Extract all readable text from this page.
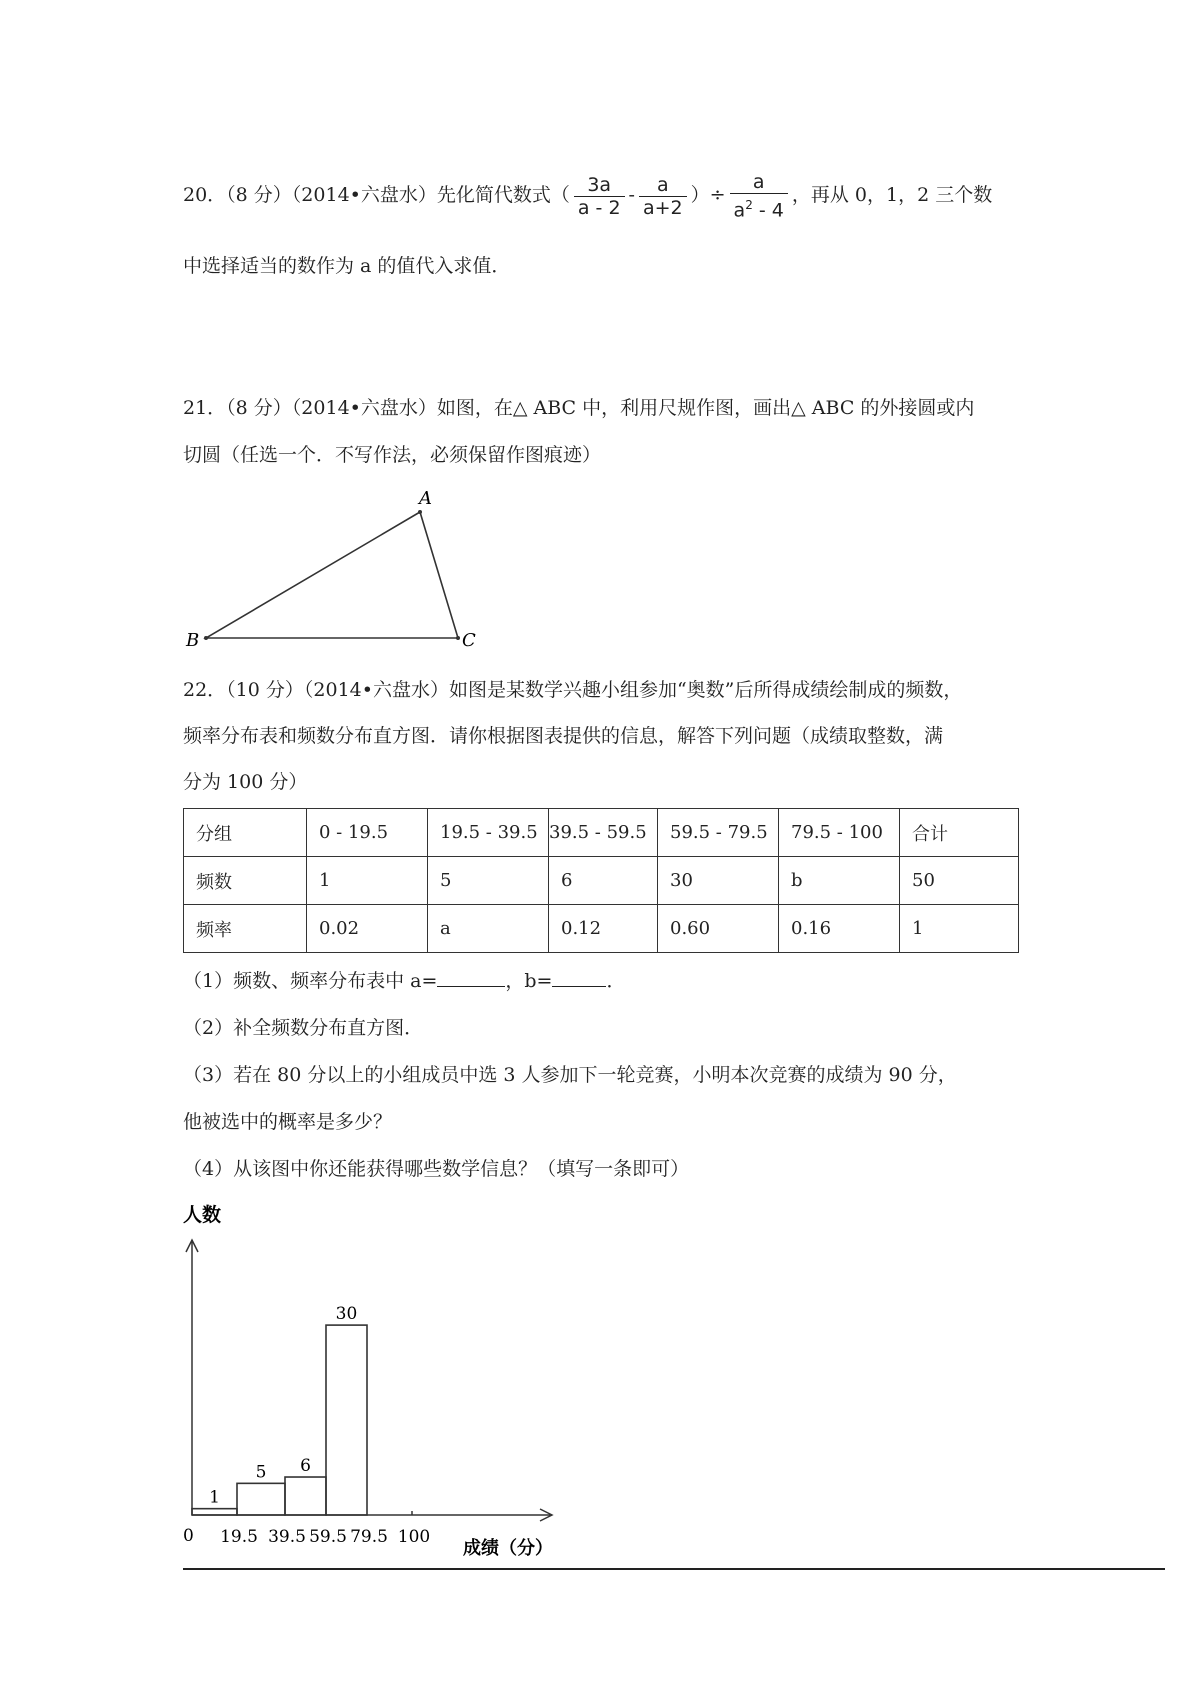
20．（8 分）（2014•六盘水）先化简代数式（ $\frac{3a}{a - 2} - \frac{a}{a+2}$ ）÷ $\frac{a}{a^2 - 4}$ ，再从 0，1，2 三个数
中选择适当的数作为 a 的值代入求值．
21．（8 分）（2014•六盘水）如图，在△ ABC 中，利用尺规作图，画出△ ABC 的外接圆或内
切圆（任选一个．不写作法，必须保留作图痕迹）
A
B	C
22．（10 分）（2014•六盘水）如图是某数学兴趣小组参加“奥数”后所得成绩绘制成的频数，
频率分布表和频数分布直方图．请你根据图表提供的信息，解答下列问题（成绩取整数，满
分为 100 分）
分组	0 - 19.5	19.5 - 39.5	39.5 - 59.5	59.5 - 79.5	79.5 - 100	合计
频数	1	5	6	30	b	50
频率	0.02	a	0.12	0.60	0.16	1
（1）频数、频率分布表中 a=	，b=	．
（2）补全频数分布直方图．
（3）若在 80 分以上的小组成员中选 3 人参加下一轮竞赛，小明本次竞赛的成绩为 90 分，
他被选中的概率是多少？
（4）从该图中你还能获得哪些数学信息？（填写一条即可）
人数
成绩（分）
0
1
5 6
30
19.5 39.5 59.5 79.5 100
